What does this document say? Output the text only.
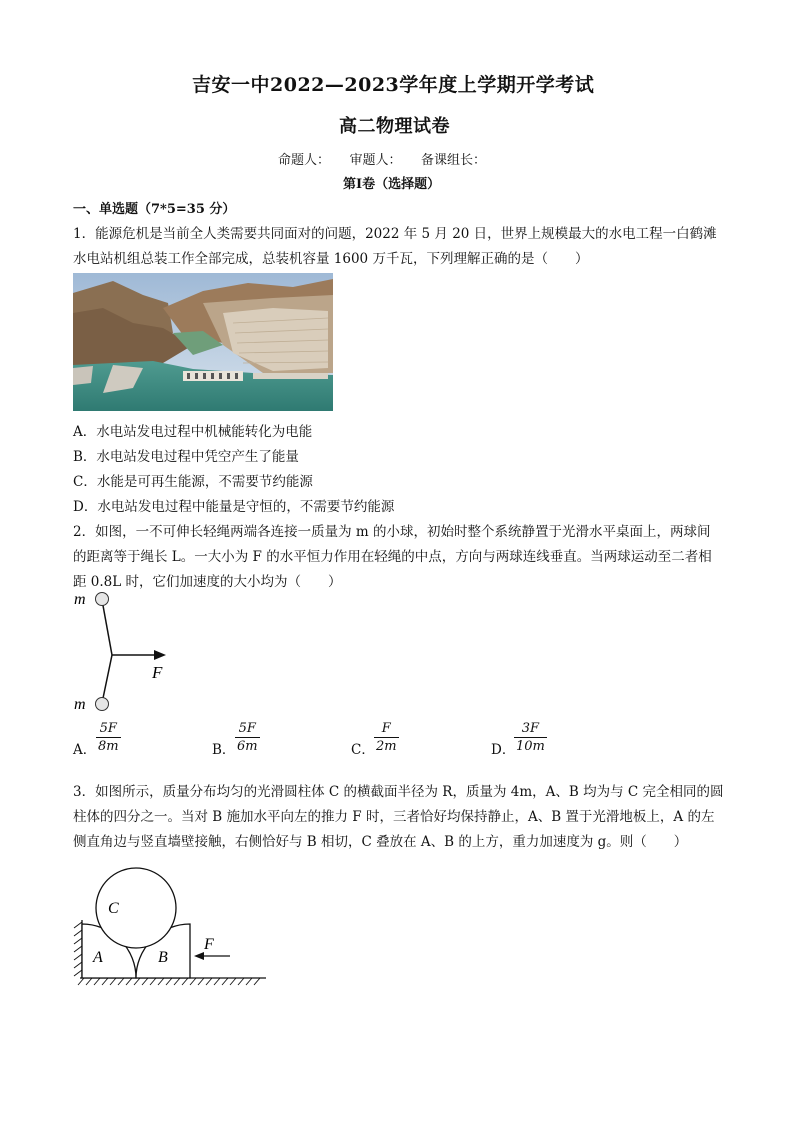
吉安一中2022—2023学年度上学期开学考试
高二物理试卷
命题人：　　审题人：　　备课组长：
第Ⅰ卷（选择题）
一、单选题（7*5=35 分）
1．能源危机是当前全人类需要共同面对的问题，2022 年 5 月 20 日，世界上规模最大的水电工程一白鹤滩
水电站机组总装工作全部完成，总装机容量 1600 万千瓦，下列理解正确的是（　　）
A．水电站发电过程中机械能转化为电能
B．水电站发电过程中凭空产生了能量
C．水能是可再生能源，不需要节约能源
D．水电站发电过程中能量是守恒的，不需要节约能源
2．如图，一不可伸长轻绳两端各连接一质量为 m 的小球，初始时整个系统静置于光滑水平桌面上，两球间
的距离等于绳长 L。一大小为 F 的水平恒力作用在轻绳的中点，方向与两球连线垂直。当两球运动至二者相
距 0.8L 时，它们加速度的大小均为（　　）
m
m
F
A． $\frac{5F}{8m}$	B． $\frac{5F}{6m}$	C． $\frac{F}{2m}$	D．
$\frac{3F}{10m}$
3．如图所示，质量分布均匀的光滑圆柱体 C 的横截面半径为 R，质量为 4m，A、B 均为与 C 完全相同的圆
柱体的四分之一。当对 B 施加水平向左的推力 F 时，三者恰好均保持静止，A、B 置于光滑地板上，A 的左
侧直角边与竖直墙壁接触，右侧恰好与 B 相切，C 叠放在 A、B 的上方，重力加速度为 g。则（　　）
C
A	B
F
